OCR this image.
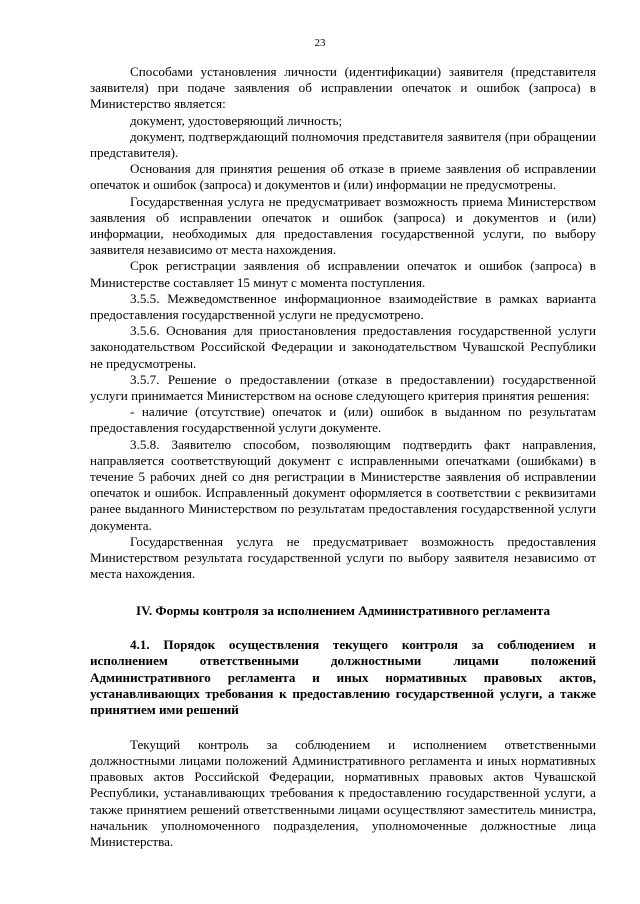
23

Способами установления личности (идентификации) заявителя (представителя заявителя) при подаче заявления об исправлении опечаток и ошибок (запроса) в Министерство является:

документ, удостоверяющий личность;

документ, подтверждающий полномочия представителя заявителя (при обращении представителя).

Основания для принятия решения об отказе в приеме заявления об исправлении опечаток и ошибок (запроса) и документов и (или) информации не предусмотрены.

Государственная услуга не предусматривает возможность приема Министерством заявления об исправлении опечаток и ошибок (запроса) и документов и (или) информации, необходимых для предоставления государственной услуги, по выбору заявителя независимо от места нахождения.

Срок регистрации заявления об исправлении опечаток и ошибок (запроса) в Министерстве составляет 15 минут с момента поступления.

3.5.5. Межведомственное информационное взаимодействие в рамках варианта предоставления государственной услуги не предусмотрено.

3.5.6. Основания для приостановления предоставления государственной услуги законодательством Российской Федерации и законодательством Чувашской Республики не предусмотрены.

3.5.7. Решение о предоставлении (отказе в предоставлении) государственной услуги принимается Министерством на основе следующего критерия принятия решения:

- наличие (отсутствие) опечаток и (или) ошибок в выданном по результатам предоставления государственной услуги документе.

3.5.8. Заявителю способом, позволяющим подтвердить факт направления, направляется соответствующий документ с исправленными опечатками (ошибками) в течение 5 рабочих дней со дня регистрации в Министерстве заявления об исправлении опечаток и ошибок. Исправленный документ оформляется в соответствии с реквизитами ранее выданного Министерством по результатам предоставления государственной услуги документа.

Государственная услуга не предусматривает возможность предоставления Министерством результата государственной услуги по выбору заявителя независимо от места нахождения.

IV. Формы контроля за исполнением Административного регламента
4.1. Порядок осуществления текущего контроля за соблюдением и исполнением ответственными должностными лицами положений Административного регламента и иных нормативных правовых актов, устанавливающих требования к предоставлению государственной услуги, а также принятием ими решений

Текущий контроль за соблюдением и исполнением ответственными должностными лицами положений Административного регламента и иных нормативных правовых актов Российской Федерации, нормативных правовых актов Чувашской Республики, устанавливающих требования к предоставлению государственной услуги, а также принятием решений ответственными лицами осуществляют заместитель министра, начальник уполномоченного подразделения, уполномоченные должностные лица Министерства.
